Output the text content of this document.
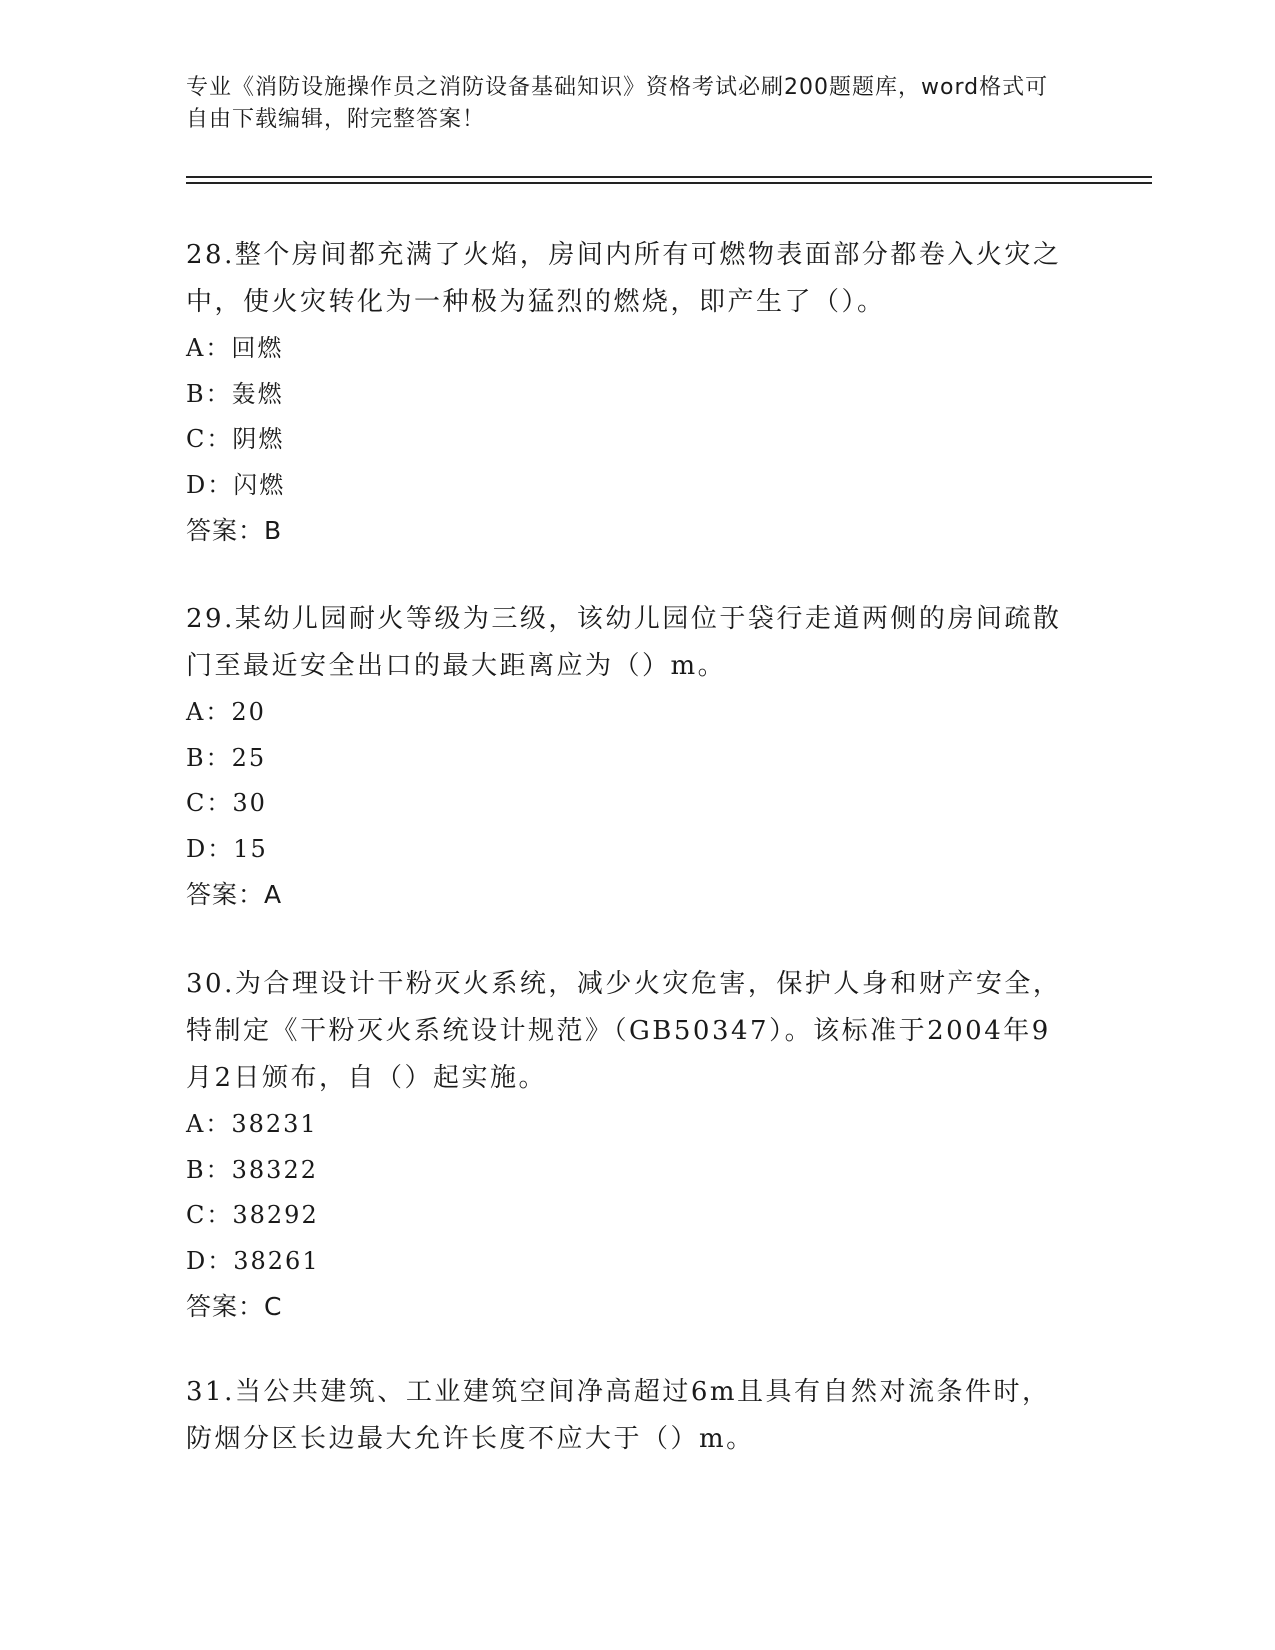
专业《消防设施操作员之消防设备基础知识》资格考试必刷200题题库，word格式可自由下载编辑，附完整答案！

28.整个房间都充满了火焰，房间内所有可燃物表面部分都卷入火灾之中，使火灾转化为一种极为猛烈的燃烧，即产生了（）。

A：回燃

B：轰燃

C：阴燃

D：闪燃

答案：B

29.某幼儿园耐火等级为三级，该幼儿园位于袋行走道两侧的房间疏散门至最近安全出口的最大距离应为（）m。

A：20

B：25

C：30

D：15

答案：A

30.为合理设计干粉灭火系统，减少火灾危害，保护人身和财产安全，特制定《干粉灭火系统设计规范》（GB50347）。该标准于2004年9月2日颁布，自（）起实施。

A：38231

B：38322

C：38292

D：38261

答案：C

31.当公共建筑、工业建筑空间净高超过6m且具有自然对流条件时，防烟分区长边最大允许长度不应大于（）m。
